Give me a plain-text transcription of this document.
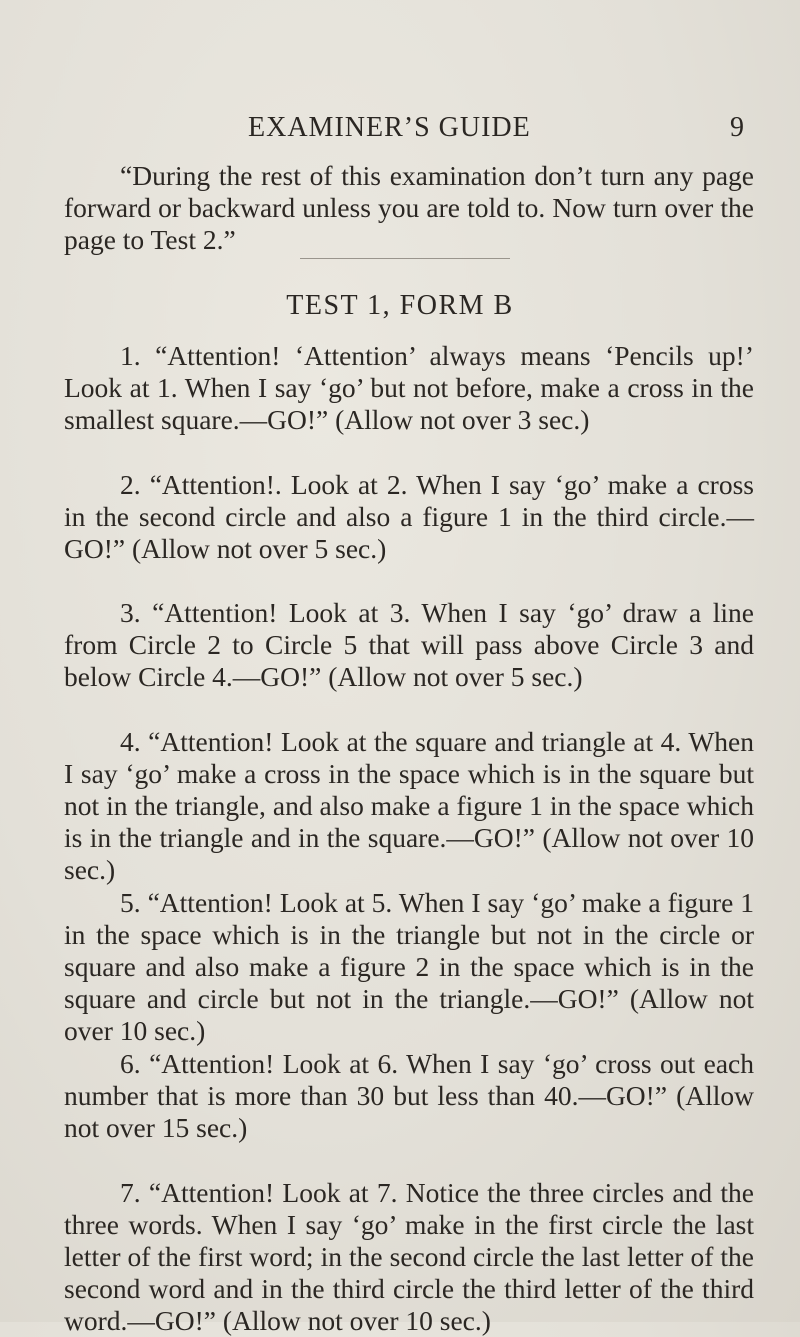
EXAMINER’S GUIDE	9

“During the rest of this examination don’t turn any page forward or backward unless you are told to. Now turn over the page to Test 2.”

TEST 1, FORM B

1. “Attention! ‘Attention’ always means ‘Pencils up!’ Look at 1. When I say ‘go’ but not before, make a cross in the smallest square.—GO!” (Allow not over 3 sec.)

2. “Attention!. Look at 2. When I say ‘go’ make a cross in the second circle and also a figure 1 in the third circle.—GO!” (Allow not over 5 sec.)

3. “Attention! Look at 3. When I say ‘go’ draw a line from Circle 2 to Circle 5 that will pass above Circle 3 and below Circle 4.—GO!” (Allow not over 5 sec.)

4. “Attention! Look at the square and triangle at 4. When I say ‘go’ make a cross in the space which is in the square but not in the triangle, and also make a figure 1 in the space which is in the triangle and in the square.—GO!” (Allow not over 10 sec.)

5. “Attention! Look at 5. When I say ‘go’ make a figure 1 in the space which is in the triangle but not in the circle or square and also make a figure 2 in the space which is in the square and circle but not in the triangle.—GO!” (Allow not over 10 sec.)

6. “Attention! Look at 6. When I say ‘go’ cross out each number that is more than 30 but less than 40.—GO!” (Allow not over 15 sec.)

7. “Attention! Look at 7. Notice the three circles and the three words. When I say ‘go’ make in the first circle the last letter of the first word; in the second circle the last letter of the second word and in the third circle the third letter of the third word.—GO!” (Allow not over 10 sec.)
